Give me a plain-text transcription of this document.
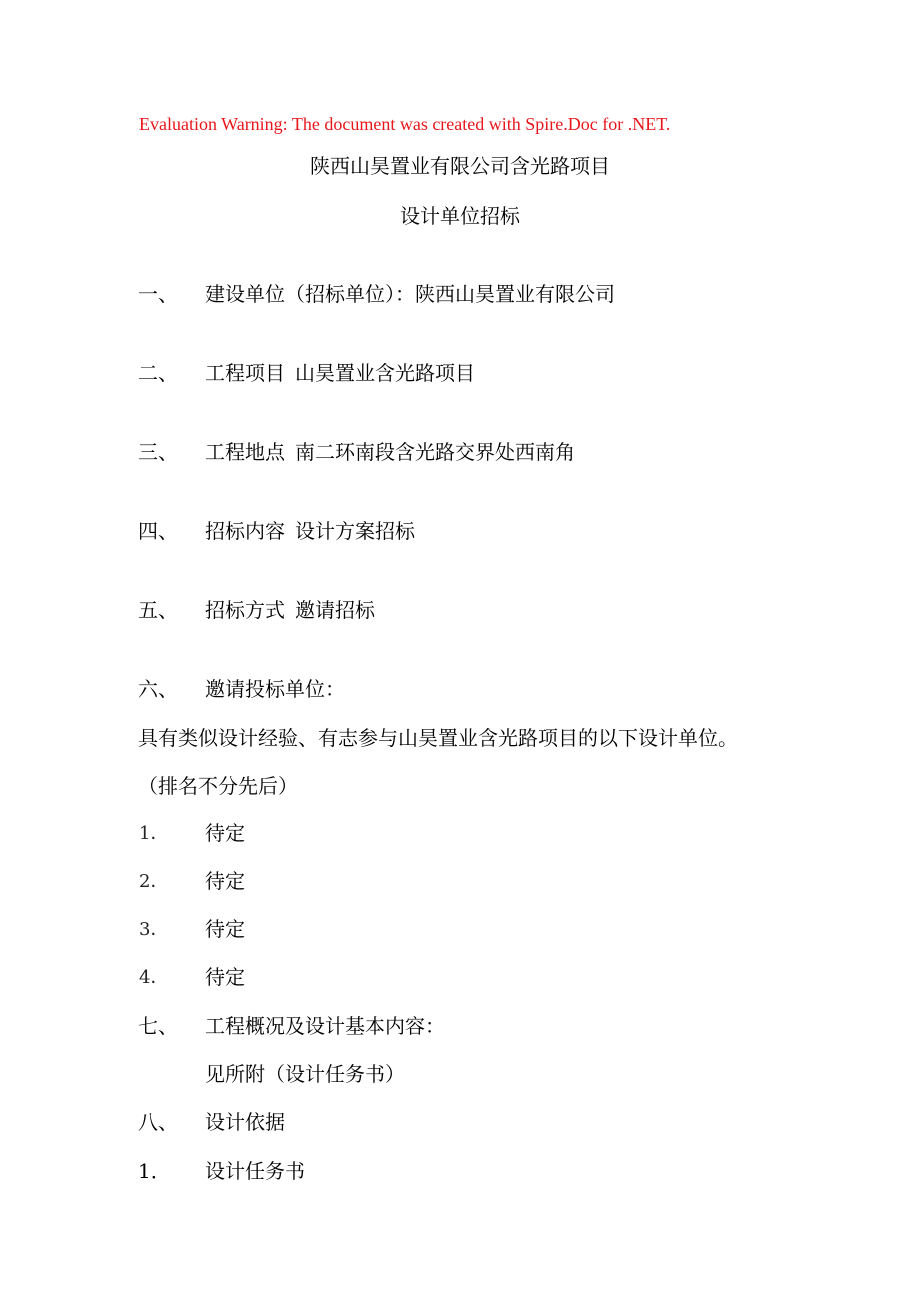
Evaluation Warning: The document was created with Spire.Doc for .NET.
陕西山昊置业有限公司含光路项目
设计单位招标
一、 建设单位（招标单位）：陕西山昊置业有限公司
二、 工程项目 山昊置业含光路项目
三、 工程地点 南二环南段含光路交界处西南角
四、 招标内容 设计方案招标
五、 招标方式 邀请招标
六、 邀请投标单位：
具有类似设计经验、有志参与山昊置业含光路项目的以下设计单位。
（排名不分先后）
1． 待定
2． 待定
3． 待定
4． 待定
七、 工程概况及设计基本内容：
见所附（设计任务书）
八、 设计依据
1． 设计任务书
